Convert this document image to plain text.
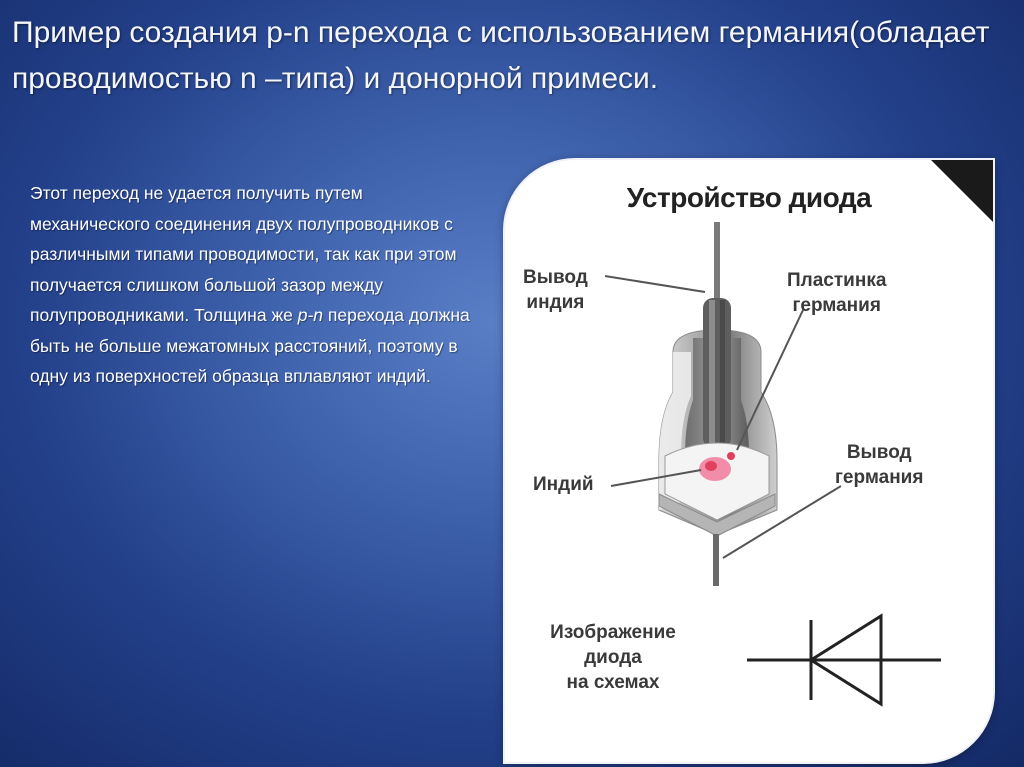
Пример создания p-n перехода с использованием германия(обладает проводимостью n –типа) и донорной примеси.
Этот переход не удается получить путем механического соединения двух полупроводников с различными типами проводимости, так как при этом получается слишком большой зазор между полупроводниками. Толщина же p-n перехода должна быть не больше межатомных расстояний, поэтому в одну из поверхностей образца вплавляют индий.
Устройство диода
Вывод
индия
Пластинка
германия
Вывод
германия
Индий
Изображение
диода
на схемах
